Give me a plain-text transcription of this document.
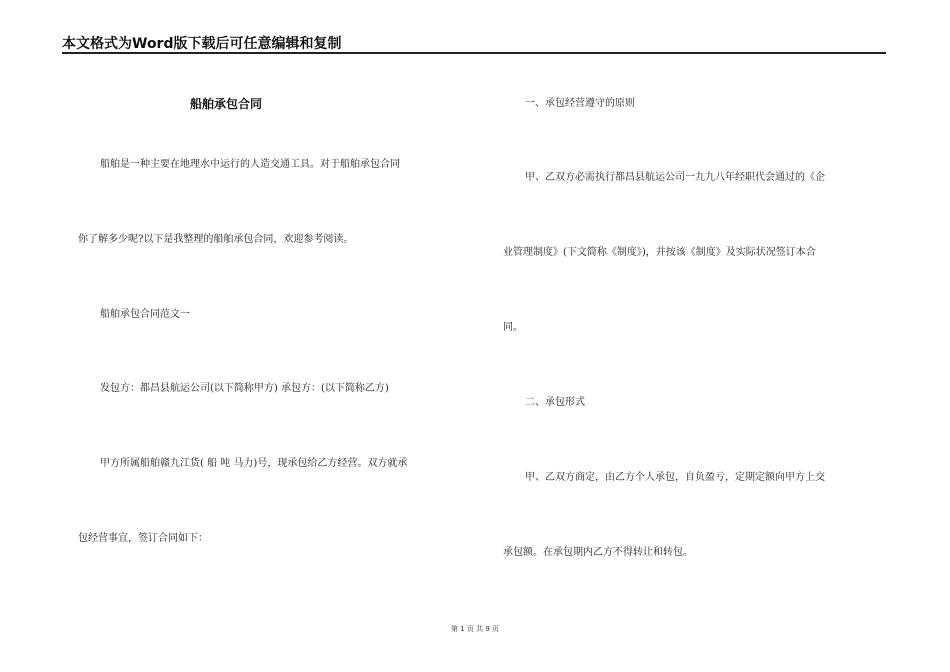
本文格式为Word版下载后可任意编辑和复制
船舶承包合同
船舶是一种主要在地理水中运行的人造交通工具。对于船舶承包合同
你了解多少呢?以下是我整理的船舶承包合同，欢迎参考阅读。
船舶承包合同范文一
发包方：都昌县航运公司(以下简称甲方) 承包方：(以下简称乙方)
甲方所属船舶赣九江货( 船 吨 马力)号，现承包给乙方经营。双方就承
包经营事宜，签订合同如下：
一、承包经营遵守的原则
甲、乙双方必需执行都昌县航运公司一九九八年经职代会通过的《企
业管理制度》(下文简称《制度》)，并按该《制度》及实际状况签订本合
同。
二、承包形式
甲、乙双方商定，由乙方个人承包，自负盈亏，定期定额向甲方上交
承包额。在承包期内乙方不得转让和转包。
第 1 页 共 9 页
